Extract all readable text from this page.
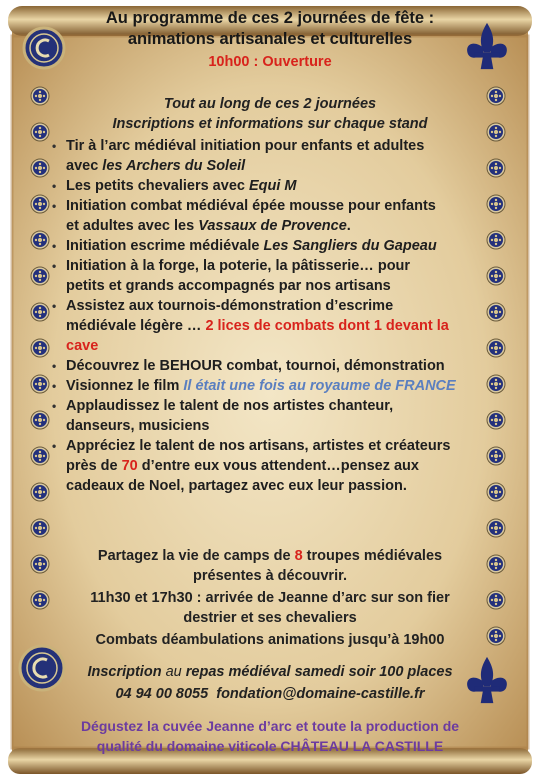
Au programme de ces 2 journées de fête :
animations artisanales et culturelles
10h00 : Ouverture
Tout au long de ces 2 journées
Inscriptions et informations sur chaque stand
• Tir à l’arc médiéval initiation pour enfants et adultes
avec les Archers du Soleil
• Les petits chevaliers avec Equi M
• Initiation combat médiéval épée mousse pour enfants
et adultes avec les Vassaux de Provence.
• Initiation escrime médiévale Les Sangliers du Gapeau
• Initiation à la forge, la poterie, la pâtisserie… pour
petits et grands accompagnés par nos artisans
• Assistez aux tournois-démonstration d’escrime
médiévale légère … 2 lices de combats dont 1 devant la
cave
• Découvrez le BEHOUR combat, tournoi, démonstration
• Visionnez le film Il était une fois au royaume de FRANCE
• Applaudissez le talent de nos artistes chanteur,
danseurs, musiciens
• Appréciez le talent de nos artisans, artistes et créateurs
près de 70 d’entre eux vous attendent…pensez aux
cadeaux de Noel, partagez avec eux leur passion.
Partagez la vie de camps de 8 troupes médiévales
présentes à découvrir.
11h30 et 17h30 : arrivée de Jeanne d’arc sur son fier
destrier et ses chevaliers
Combats déambulations animations jusqu’à 19h00
Inscription au repas médiéval samedi soir 100 places
04 94 00 8055 fondation@domaine-castille.fr
Dégustez la cuvée Jeanne d’arc et toute la production de
qualité du domaine viticole CHÂTEAU LA CASTILLE
